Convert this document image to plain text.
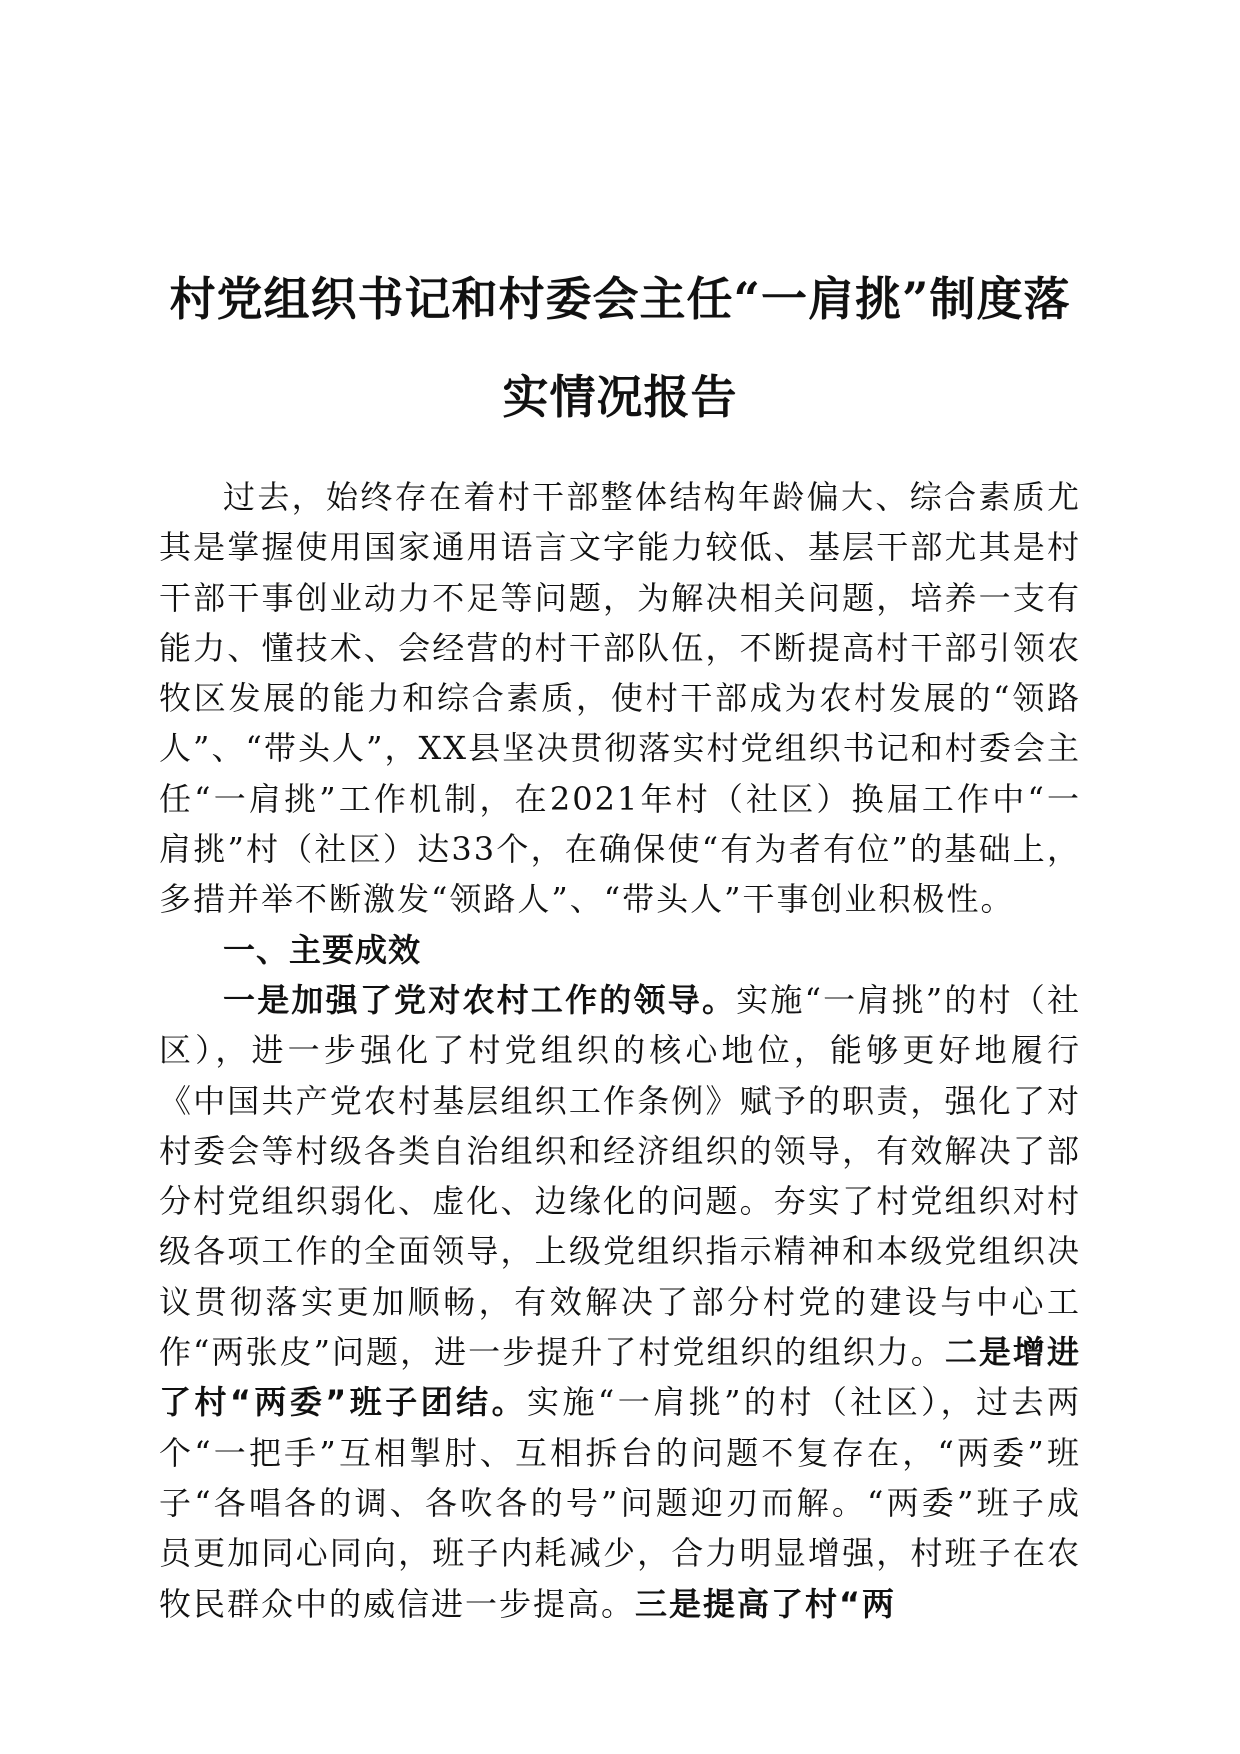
村党组织书记和村委会主任“一肩挑”制度落实情况报告

过去，始终存在着村干部整体结构年龄偏大、综合素质尤其是掌握使用国家通用语言文字能力较低、基层干部尤其是村干部干事创业动力不足等问题，为解决相关问题，培养一支有能力、懂技术、会经营的村干部队伍，不断提高村干部引领农牧区发展的能力和综合素质，使村干部成为农村发展的“领路人”、“带头人”，XX县坚决贯彻落实村党组织书记和村委会主任“一肩挑”工作机制，在2021年村（社区）换届工作中“一肩挑”村（社区）达33个，在确保使“有为者有位”的基础上，多措并举不断激发“领路人”、“带头人”干事创业积极性。

一、主要成效

一是加强了党对农村工作的领导。实施“一肩挑”的村（社区），进一步强化了村党组织的核心地位，能够更好地履行《中国共产党农村基层组织工作条例》赋予的职责，强化了对村委会等村级各类自治组织和经济组织的领导，有效解决了部分村党组织弱化、虚化、边缘化的问题。夯实了村党组织对村级各项工作的全面领导，上级党组织指示精神和本级党组织决议贯彻落实更加顺畅，有效解决了部分村党的建设与中心工作“两张皮”问题，进一步提升了村党组织的组织力。二是增进了村“两委”班子团结。实施“一肩挑”的村（社区），过去两个“一把手”互相掣肘、互相拆台的问题不复存在，“两委”班子“各唱各的调、各吹各的号”问题迎刃而解。“两委”班子成员更加同心同向，班子内耗减少，合力明显增强，村班子在农牧民群众中的威信进一步提高。三是提高了村“两
